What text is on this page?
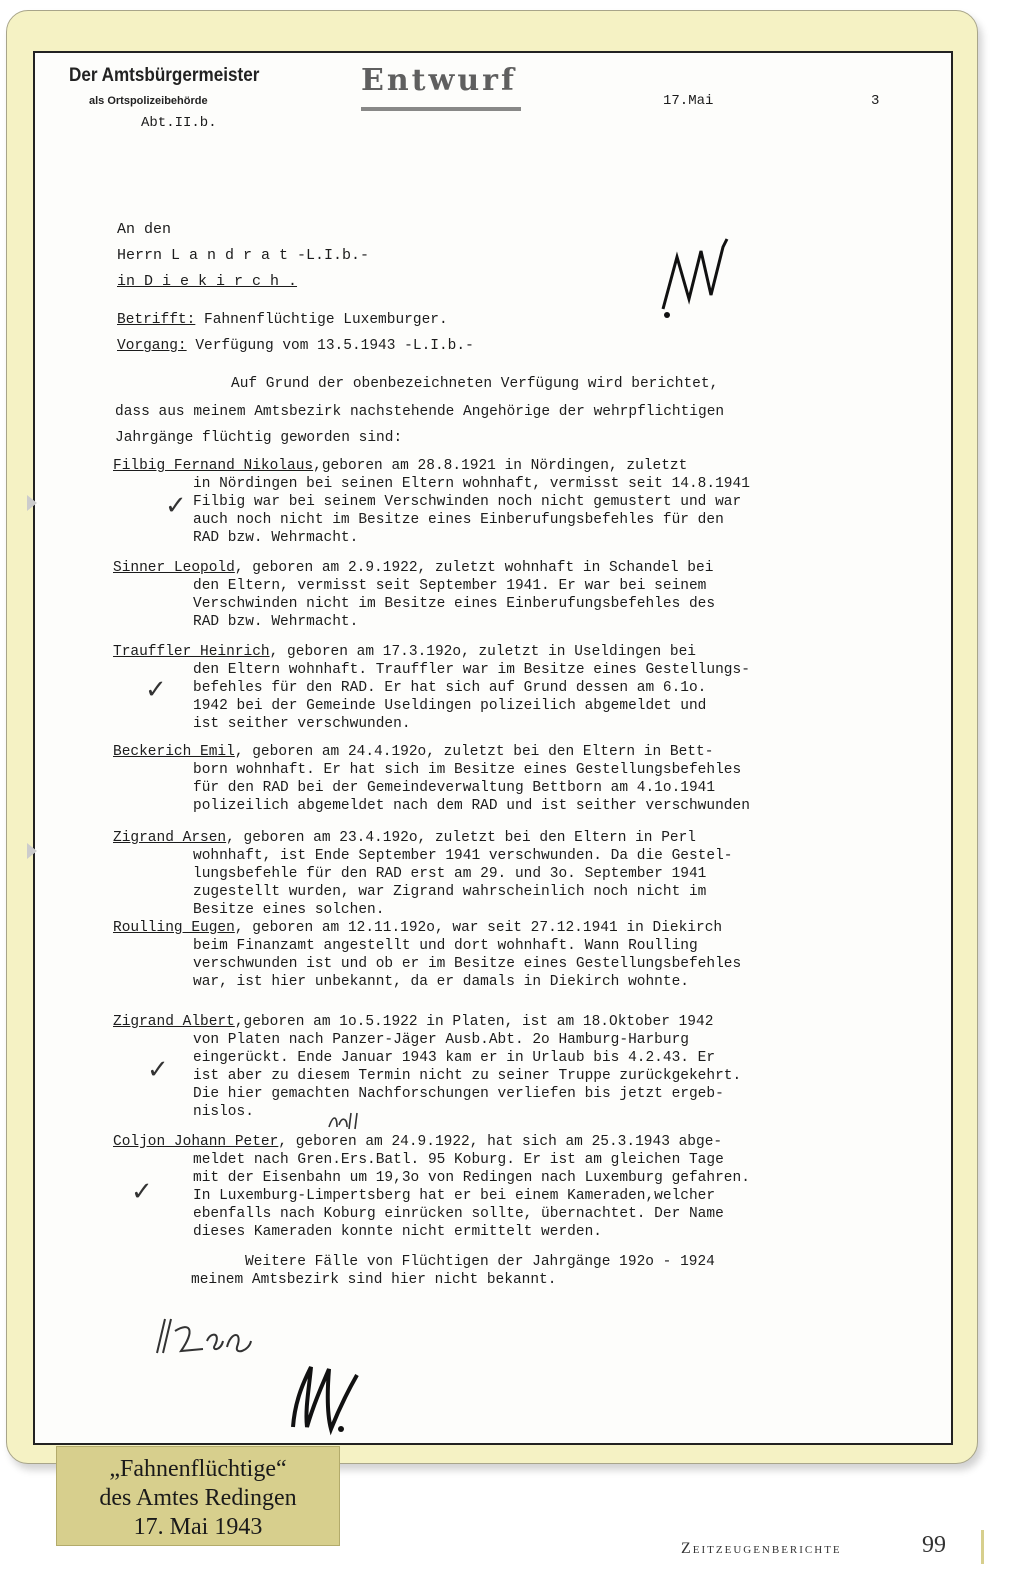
Der Amtsbürgermeister
als Ortspolizeibehörde
Abt.II.b.
Entwurf
17.Mai	3
An den
Herrn L a n d r a t -L.I.b.-
in D i e k i r c h .
Betrifft: Fahnenflüchtige Luxemburger.
Vorgang: Verfügung vom 13.5.1943 -L.I.b.-
Auf Grund der obenbezeichneten Verfügung wird berichtet,
dass aus meinem Amtsbezirk nachstehende Angehörige der wehrpflichtigen
Jahrgänge flüchtig geworden sind:
Filbig Fernand Nikolaus,geboren am 28.8.1921 in Nördingen, zuletzt
in Nördingen bei seinen Eltern wohnhaft, vermisst seit 14.8.1941
Filbig war bei seinem Verschwinden noch nicht gemustert und war
auch noch nicht im Besitze eines Einberufungsbefehles für den
RAD bzw. Wehrmacht.
Sinner Leopold, geboren am 2.9.1922, zuletzt wohnhaft in Schandel bei
den Eltern, vermisst seit September 1941. Er war bei seinem
Verschwinden nicht im Besitze eines Einberufungsbefehles des
RAD bzw. Wehrmacht.
Trauffler Heinrich, geboren am 17.3.192o, zuletzt in Useldingen bei
den Eltern wohnhaft. Trauffler war im Besitze eines Gestellungs-
befehles für den RAD. Er hat sich auf Grund dessen am 6.1o.
1942 bei der Gemeinde Useldingen polizeilich abgemeldet und
ist seither verschwunden.
Beckerich Emil, geboren am 24.4.192o, zuletzt bei den Eltern in Bett-
born wohnhaft. Er hat sich im Besitze eines Gestellungsbefehles
für den RAD bei der Gemeindeverwaltung Bettborn am 4.1o.1941
polizeilich abgemeldet nach dem RAD und ist seither verschwunden
Zigrand Arsen, geboren am 23.4.192o, zuletzt bei den Eltern in Perl
wohnhaft, ist Ende September 1941 verschwunden. Da die Gestel-
lungsbefehle für den RAD erst am 29. und 3o. September 1941
zugestellt wurden, war Zigrand wahrscheinlich noch nicht im
Besitze eines solchen.
Roulling Eugen, geboren am 12.11.192o, war seit 27.12.1941 in Diekirch
beim Finanzamt angestellt und dort wohnhaft. Wann Roulling
verschwunden ist und ob er im Besitze eines Gestellungsbefehles
war, ist hier unbekannt, da er damals in Diekirch wohnte.
Zigrand Albert,geboren am 1o.5.1922 in Platen, ist am 18.Oktober 1942
von Platen nach Panzer-Jäger Ausb.Abt. 2o Hamburg-Harburg
eingerückt. Ende Januar 1943 kam er in Urlaub bis 4.2.43. Er
ist aber zu diesem Termin nicht zu seiner Truppe zurückgekehrt.
Die hier gemachten Nachforschungen verliefen bis jetzt ergeb-
nislos.
Coljon Johann Peter, geboren am 24.9.1922, hat sich am 25.3.1943 abge-
meldet nach Gren.Ers.Batl. 95 Koburg. Er ist am gleichen Tage
mit der Eisenbahn um 19,3o von Redingen nach Luxemburg gefahren.
In Luxemburg-Limpertsberg hat er bei einem Kameraden,welcher
ebenfalls nach Koburg einrücken sollte, übernachtet. Der Name
dieses Kameraden konnte nicht ermittelt werden.
Weitere Fälle von Flüchtigen der Jahrgänge 192o - 1924
meinem Amtsbezirk sind hier nicht bekannt.
✓
✓
✓
✓
„Fahnenflüchtige“
des Amtes Redingen
17. Mai 1943
Zeitzeugenberichte	99
